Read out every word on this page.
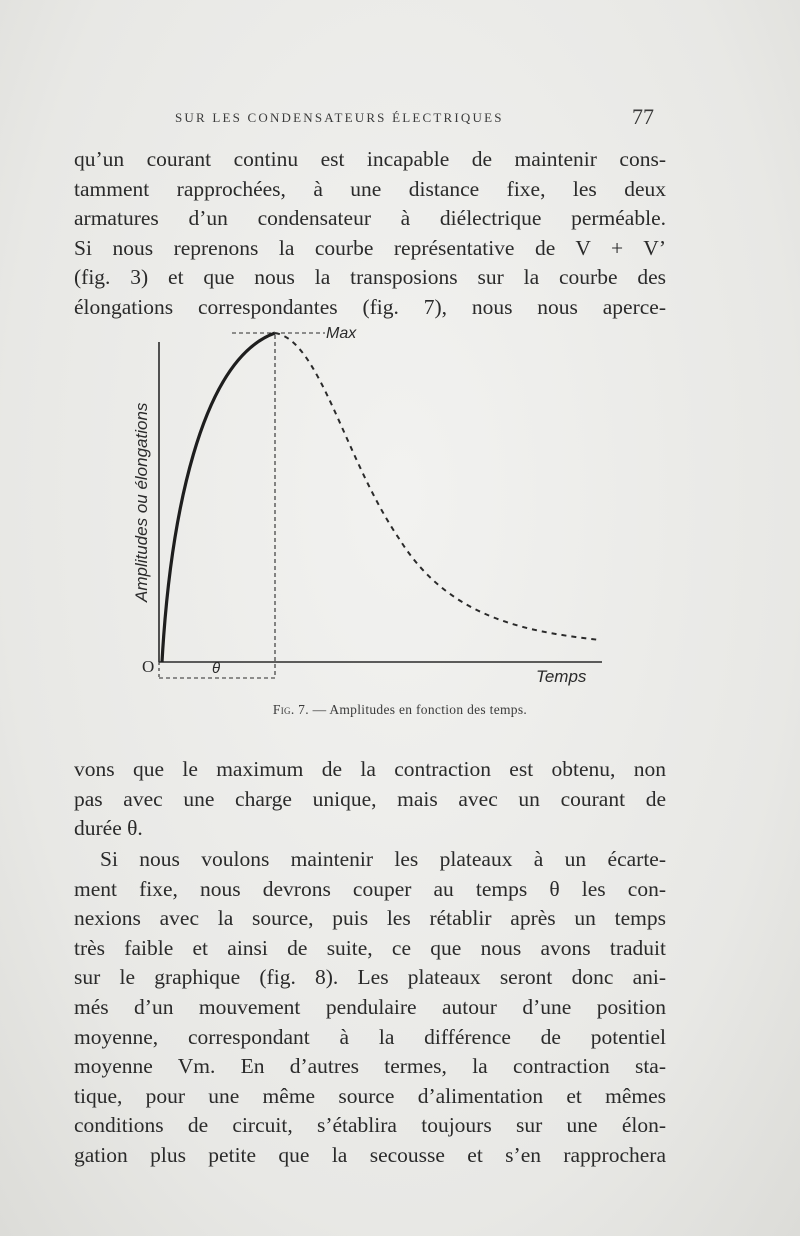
SUR LES CONDENSATEURS ÉLECTRIQUES	77

qu’un courant continu est incapable de maintenir cons-
tamment rapprochées, à une distance fixe, les deux
armatures d’un condensateur à diélectrique perméable.
Si nous reprenons la courbe représentative de V + V’
(fig. 3) et que nous la transposions sur la courbe des
élongations correspondantes (fig. 7), nous nous aperce-

Max
O	θ	Temps
Amplitudes ou élongations
Fig. 7. — Amplitudes en fonction des temps.

vons que le maximum de la contraction est obtenu, non
pas avec une charge unique, mais avec un courant de
durée θ.

Si nous voulons maintenir les plateaux à un écarte-
ment fixe, nous devrons couper au temps θ les con-
nexions avec la source, puis les rétablir après un temps
très faible et ainsi de suite, ce que nous avons traduit
sur le graphique (fig. 8). Les plateaux seront donc ani-
més d’un mouvement pendulaire autour d’une position
moyenne, correspondant à la différence de potentiel
moyenne Vm. En d’autres termes, la contraction sta-
tique, pour une même source d’alimentation et mêmes
conditions de circuit, s’établira toujours sur une élon-
gation plus petite que la secousse et s’en rapprochera
